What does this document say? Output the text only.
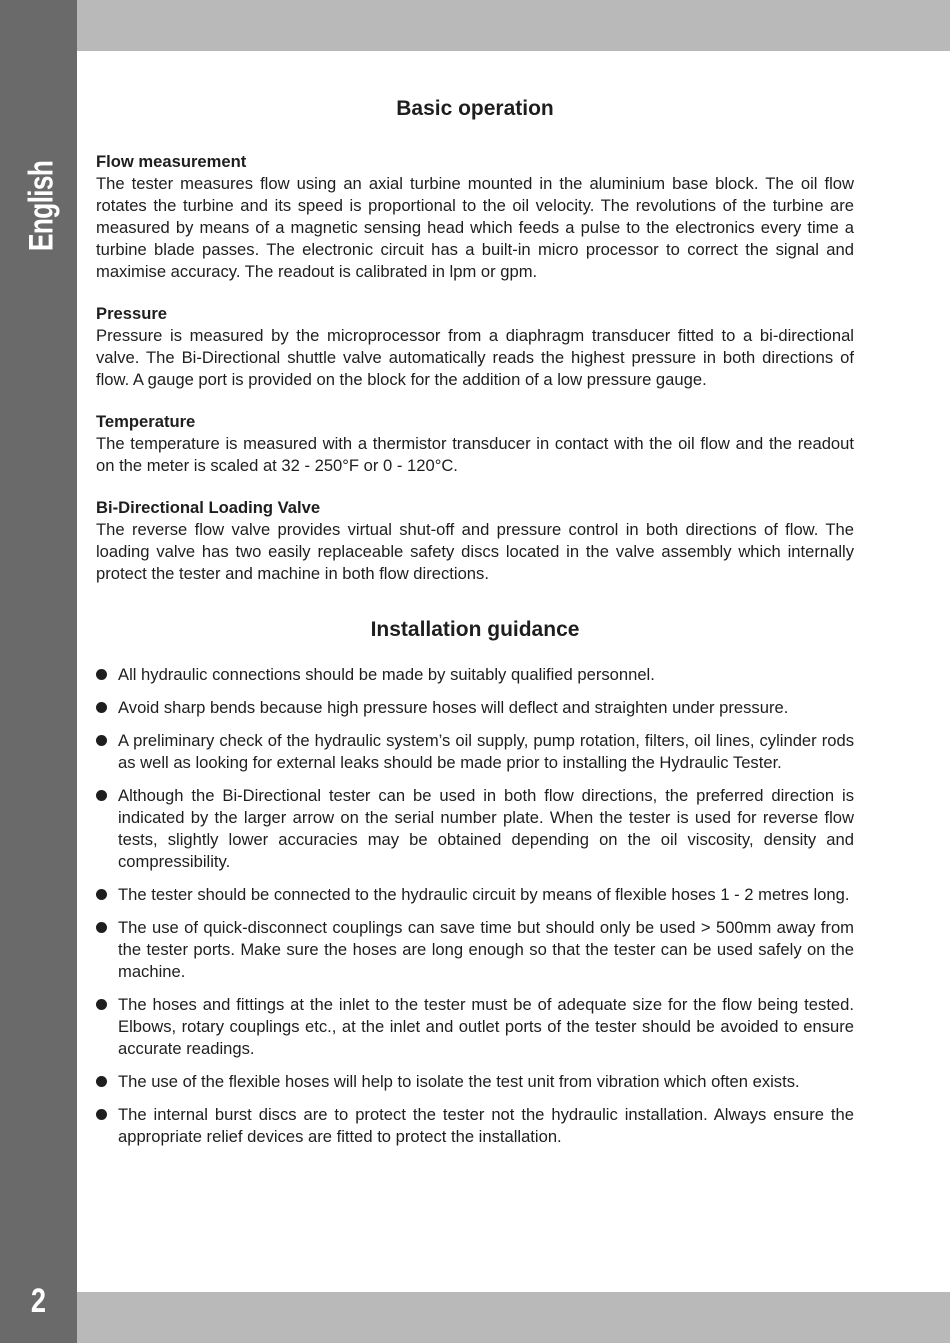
English
2
Basic operation
Flow measurement

The tester measures flow using an axial turbine mounted in the aluminium base block. The oil flow rotates the turbine and its speed is proportional to the oil velocity. The revolutions of the turbine are measured by means of a magnetic sensing head which feeds a pulse to the electronics every time a turbine blade passes. The electronic circuit has a built-in micro processor to correct the signal and maximise accuracy. The readout is calibrated in lpm or gpm.

Pressure

Pressure is measured by the microprocessor from a diaphragm transducer fitted to a bi-directional valve. The Bi-Directional shuttle valve automatically reads the highest pressure in both directions of flow. A gauge port is provided on the block for the addition of a low pressure gauge.

Temperature

The temperature is measured with a thermistor transducer in contact with the oil flow and the readout on the meter is scaled at 32 - 250°F or 0 - 120°C.

Bi-Directional Loading Valve

The reverse flow valve provides virtual shut-off and pressure control in both directions of flow. The loading valve has two easily replaceable safety discs located in the valve assembly which internally protect the tester and machine in both flow directions.

Installation guidance
All hydraulic connections should be made by suitably qualified personnel.
Avoid sharp bends because high pressure hoses will deflect and straighten under pressure.
A preliminary check of the hydraulic system’s oil supply, pump rotation, filters, oil lines, cylinder rods as well as looking for external leaks should be made prior to installing the Hydraulic Tester.
Although the Bi-Directional tester can be used in both flow directions, the preferred direction is indicated by the larger arrow on the serial number plate. When the tester is used for reverse flow tests, slightly lower accuracies may be obtained depending on the oil viscosity, density and compressibility.
The tester should be connected to the hydraulic circuit by means of flexible hoses 1 - 2 metres long.
The use of quick-disconnect couplings can save time but should only be used > 500mm away from the tester ports. Make sure the hoses are long enough so that the tester can be used safely on the machine.
The hoses and fittings at the inlet to the tester must be of adequate size for the flow being tested. Elbows, rotary couplings etc., at the inlet and outlet ports of the tester should be avoided to ensure accurate readings.
The use of the flexible hoses will help to isolate the test unit from vibration which often exists.
The internal burst discs are to protect the tester not the hydraulic installation. Always ensure the appropriate relief devices are fitted to protect the installation.
